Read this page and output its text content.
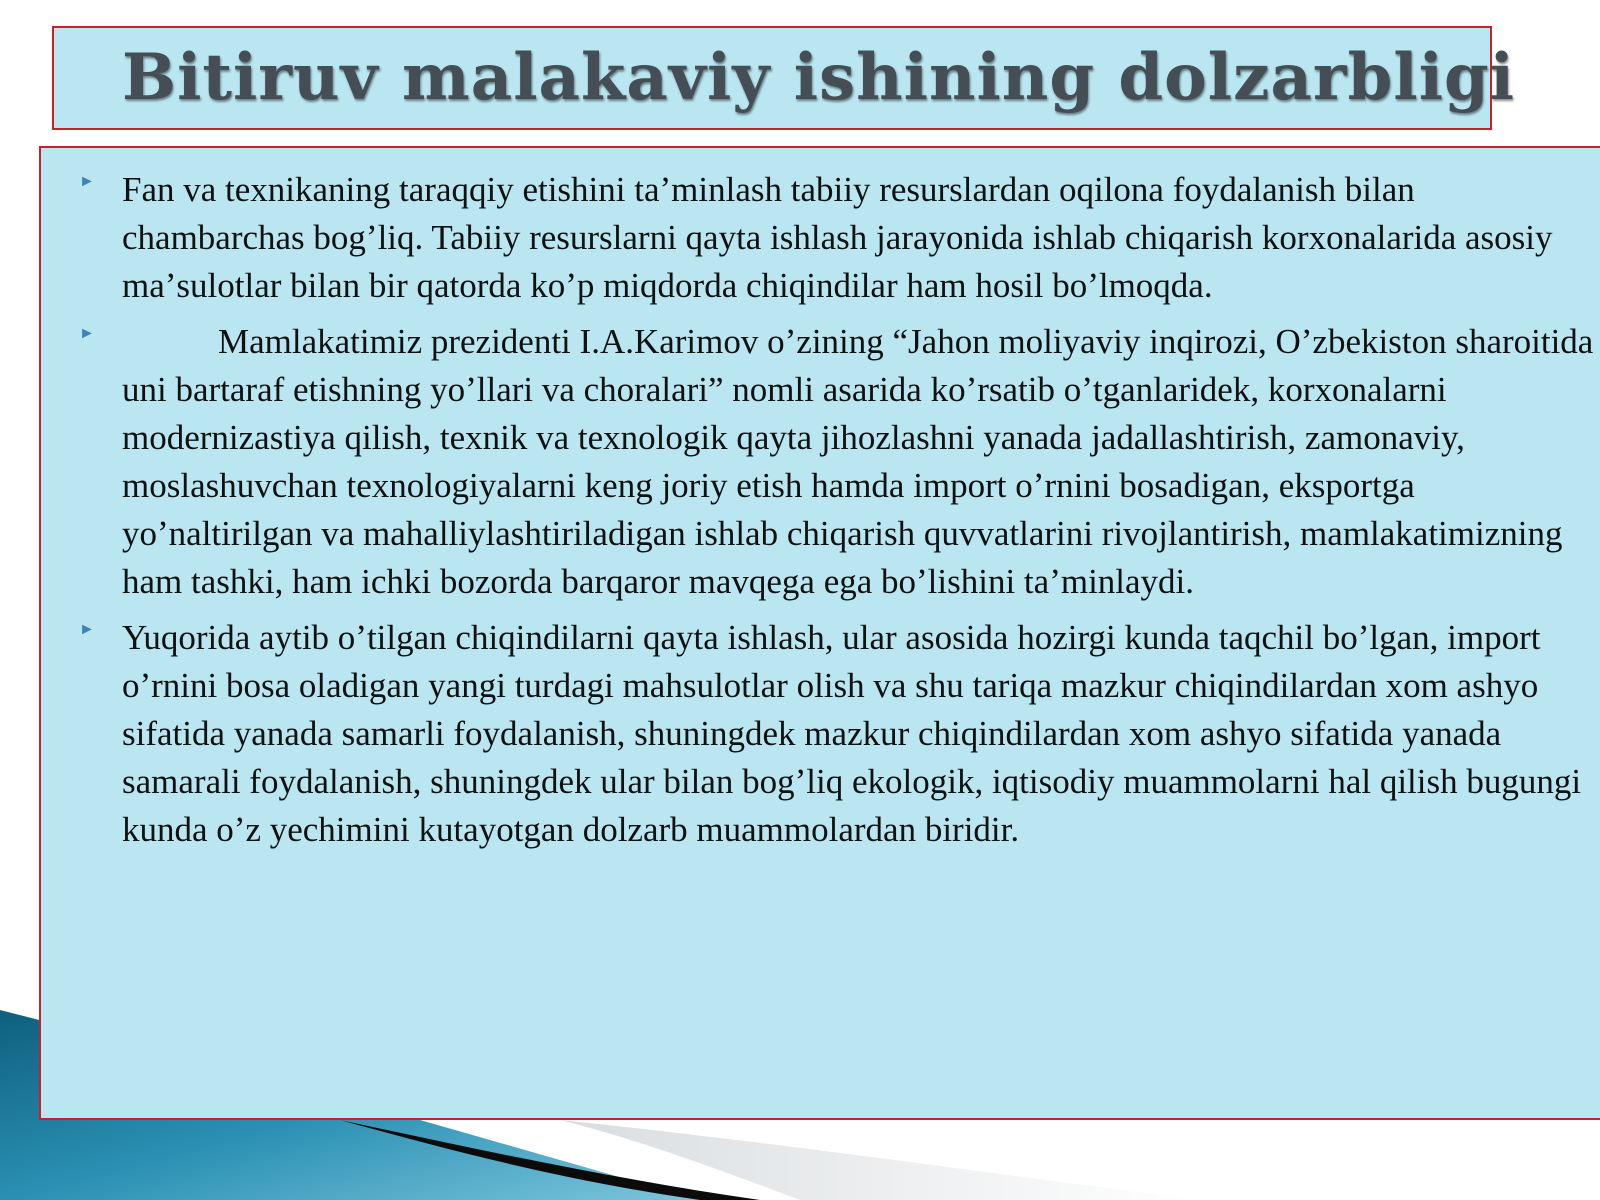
Bitiruv malakaviy ishining dolzarbligi
► Fan va texnikaning taraqqiy etishini taʼminlash tabiiy resurslardan oqilona foydalanish bilan chambarchas bogʼliq. Tabiiy resurslarni qayta ishlash jarayonida ishlab chiqarish korxonalarida asosiy maʼsulotlar bilan bir qatorda koʼp miqdorda chiqindilar ham hosil boʼlmoqda.
►	Mamlakatimiz prezidenti I.A.Karimov oʼzining “Jahon moliyaviy inqirozi, Oʼzbekiston sharoitida uni bartaraf etishning yoʼllari va choralari” nomli asarida koʼrsatib oʼtganlaridek, korxonalarni modernizastiya qilish, texnik va texnologik qayta jihozlashni yanada jadallashtirish, zamonaviy, moslashuvchan texnologiyalarni keng joriy etish hamda import oʼrnini bosadigan, eksportga yoʼnaltirilgan va mahalliylashtiriladigan ishlab chiqarish quvvatlarini rivojlantirish, mamlakatimizning ham tashki, ham ichki bozorda barqaror mavqega ega boʼlishini taʼminlaydi.
► Yuqorida aytib oʼtilgan chiqindilarni qayta ishlash, ular asosida hozirgi kunda taqchil boʼlgan, import oʼrnini bosa oladigan yangi turdagi mahsulotlar olish va shu tariqa mazkur chiqindilardan xom ashyo sifatida yanada samarli foydalanish, shuningdek mazkur chiqindilardan xom ashyo sifatida yanada samarali foydalanish, shuningdek ular bilan bogʼliq ekologik, iqtisodiy muammolarni hal qilish bugungi kunda oʼz yechimini kutayotgan dolzarb muammolardan biridir.
